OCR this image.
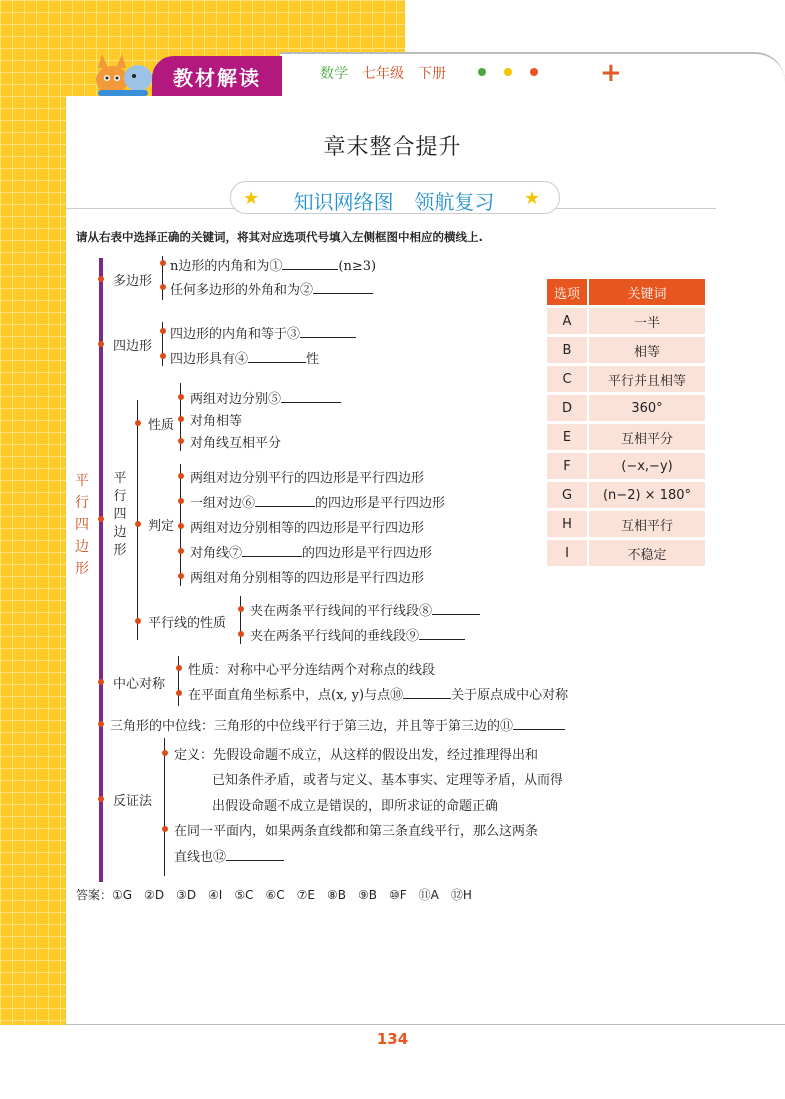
教材解读	数学 七年级 下册	+
章末整合提升
★	★
知识网络图 领航复习
请从右表中选择正确的关键词，将其对应选项代号填入左侧框图中相应的横线上.
平行四边形
多边形
n边形的内角和为①	(n≥3)
任何多边形的外角和为②
四边形
四边形的内角和等于③
四边形具有④	性
平行四边形
性质
两组对边分别⑤
对角相等
对角线互相平分
判定
两组对边分别平行的四边形是平行四边形
一组对边⑥	的四边形是平行四边形
两组对边分别相等的四边形是平行四边形
对角线⑦	的四边形是平行四边形
两组对角分别相等的四边形是平行四边形
平行线的性质
夹在两条平行线间的平行线段⑧
夹在两条平行线间的垂线段⑨
中心对称
性质：对称中心平分连结两个对称点的线段
在平面直角坐标系中，点(x, y)与点⑩	关于原点成中心对称
三角形的中位线：三角形的中位线平行于第三边，并且等于第三边的⑪
反证法
定义：先假设命题不成立，从这样的假设出发，经过推理得出和
已知条件矛盾，或者与定义、基本事实、定理等矛盾，从而得
出假设命题不成立是错误的，即所求证的命题正确
在同一平面内，如果两条直线都和第三条直线平行，那么这两条
直线也⑫
选项	关键词
A	一半
B	相等
C	平行并且相等
D	360°
E	互相平分
F	(−x,−y)
G	(n−2) × 180°
H	互相平行
I	不稳定
答案：①G　②D　③D　④I　⑤C　⑥C　⑦E　⑧B　⑨B　⑩F　⑪A　⑫H
134
